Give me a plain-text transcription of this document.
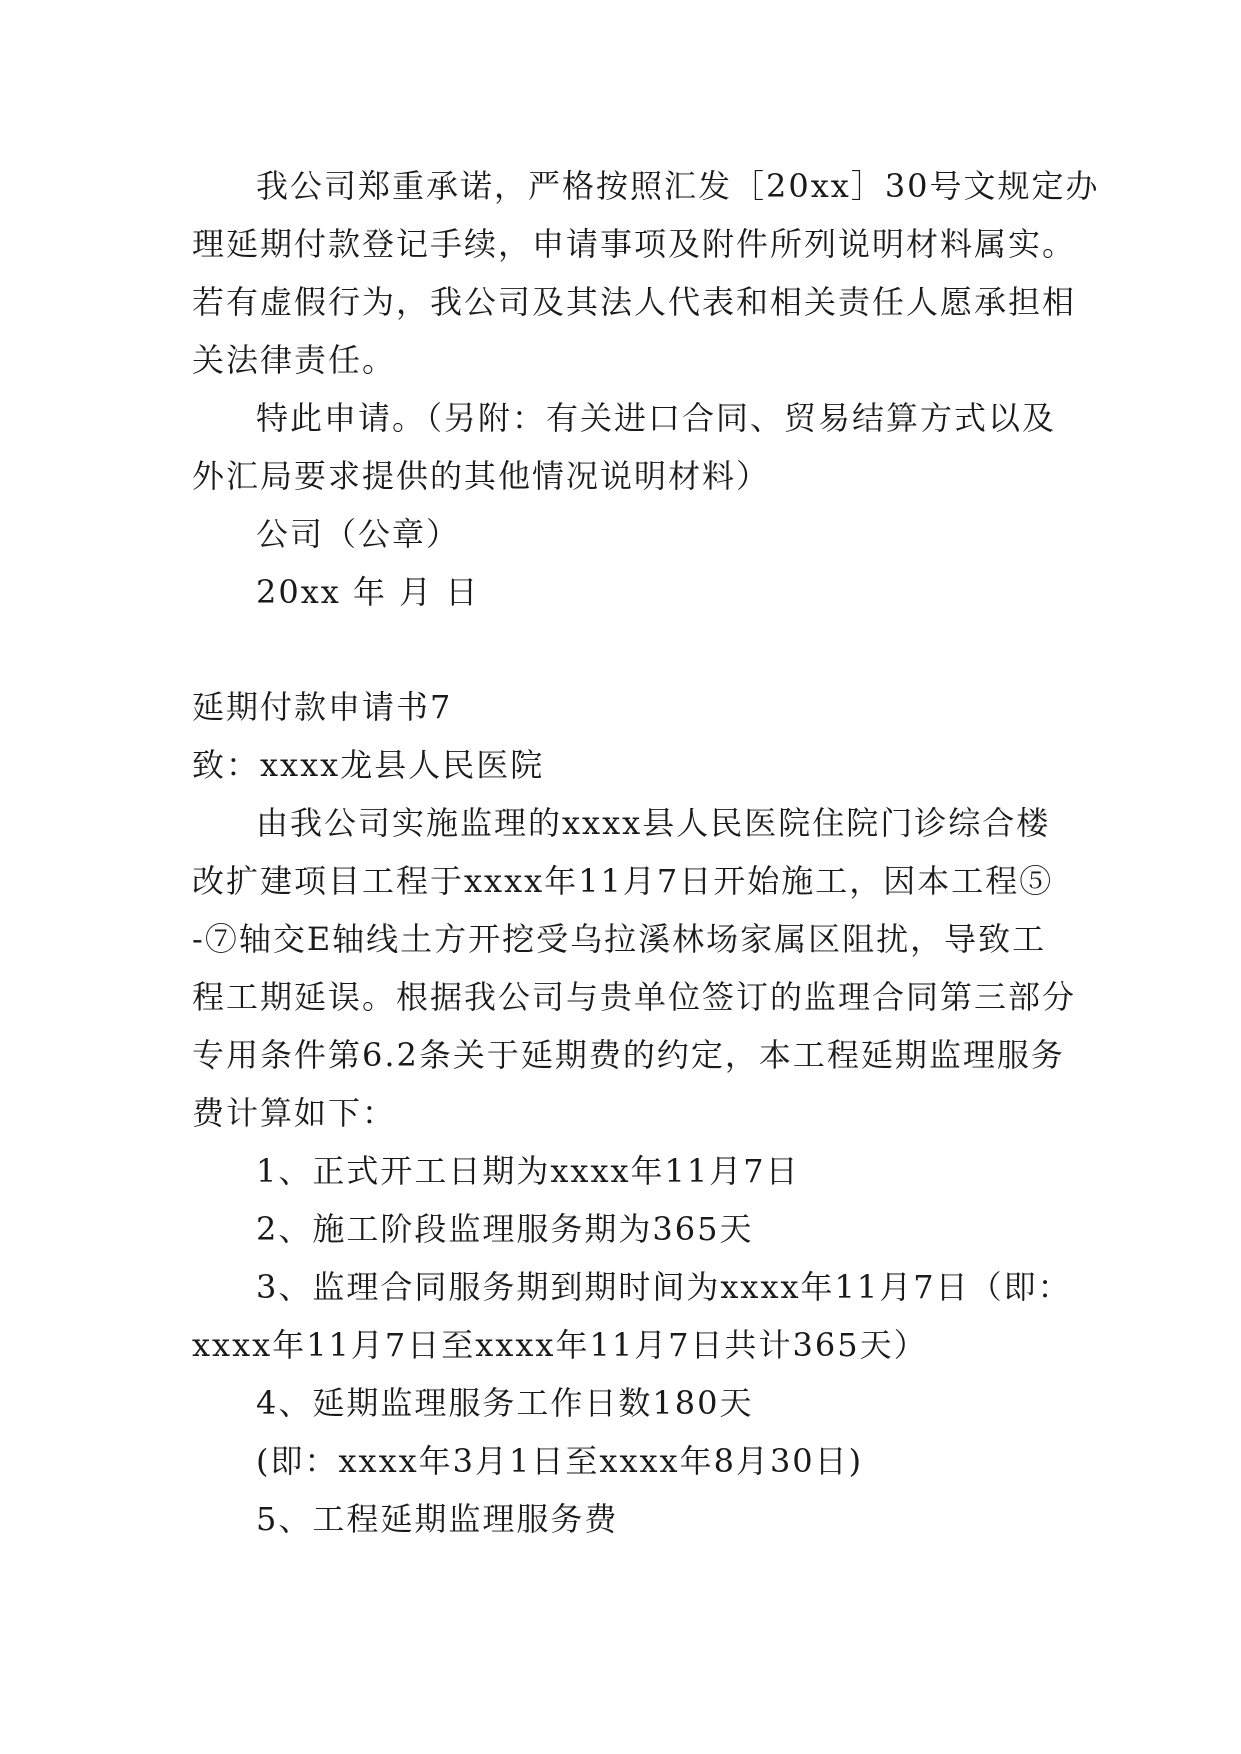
我公司郑重承诺，严格按照汇发［20xx］30号文规定办
理延期付款登记手续，申请事项及附件所列说明材料属实。
若有虚假行为，我公司及其法人代表和相关责任人愿承担相
关法律责任。
特此申请。（另附：有关进口合同、贸易结算方式以及
外汇局要求提供的其他情况说明材料）
公司（公章）
20xx 年 月 日
延期付款申请书7
致：xxxx龙县人民医院
由我公司实施监理的xxxx县人民医院住院门诊综合楼
改扩建项目工程于xxxx年11月7日开始施工，因本工程⑤
-⑦轴交E轴线土方开挖受乌拉溪林场家属区阻扰，导致工
程工期延误。根据我公司与贵单位签订的监理合同第三部分
专用条件第6.2条关于延期费的约定，本工程延期监理服务
费计算如下：
1、正式开工日期为xxxx年11月7日
2、施工阶段监理服务期为365天
3、监理合同服务期到期时间为xxxx年11月7日（即：
xxxx年11月7日至xxxx年11月7日共计365天）
4、延期监理服务工作日数180天
(即：xxxx年3月1日至xxxx年8月30日)
5、工程延期监理服务费
